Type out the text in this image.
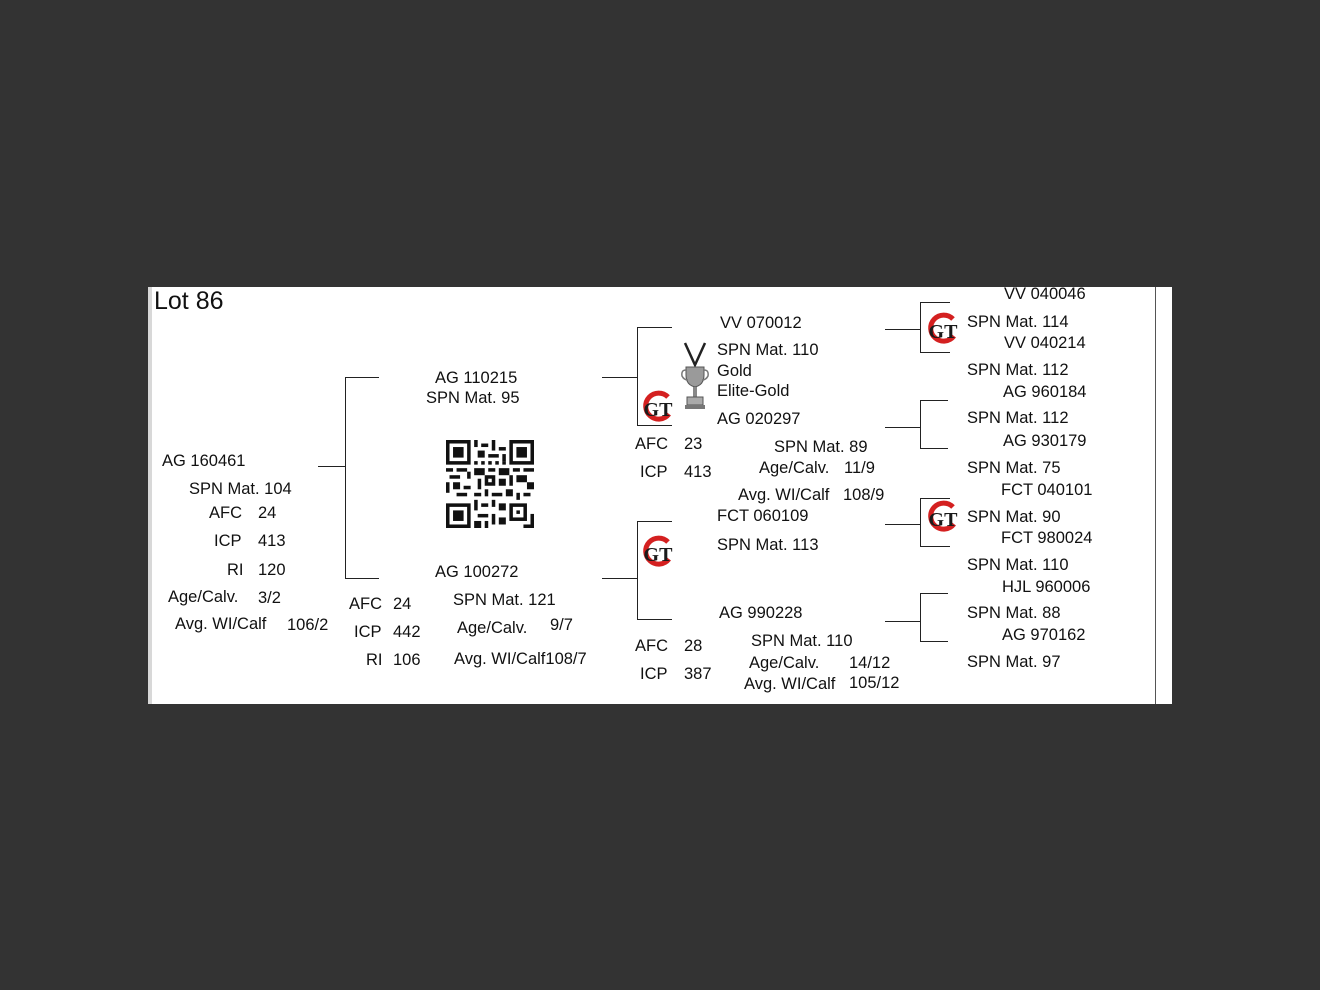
Lot 86
AG 160461
SPN Mat. 104
AFC 24
ICP 413
RI 120
Age/Calv. 3/2
Avg. WI/Calf 106/2
AG 110215
SPN Mat. 95
AG 100272
SPN Mat. 121
AFC 24
ICP 442
RI 106
Age/Calv. 9/7
Avg. WI/Calf108/7
GT
GT
VV 070012
SPN Mat. 110
Gold
Elite-Gold
AG 020297
AFC 23
ICP 413
SPN Mat. 89
Age/Calv. 11/9
Avg. WI/Calf 108/9
FCT 060109
SPN Mat. 113
AG 990228
AFC 28
ICP 387
SPN Mat. 110
Age/Calv. 14/12
Avg. WI/Calf 105/12
GT
GT
VV 040046
SPN Mat. 114
VV 040214
SPN Mat. 112
AG 960184
SPN Mat. 112
AG 930179
SPN Mat. 75
FCT 040101
SPN Mat. 90
FCT 980024
SPN Mat. 110
HJL 960006
SPN Mat. 88
AG 970162
SPN Mat. 97
